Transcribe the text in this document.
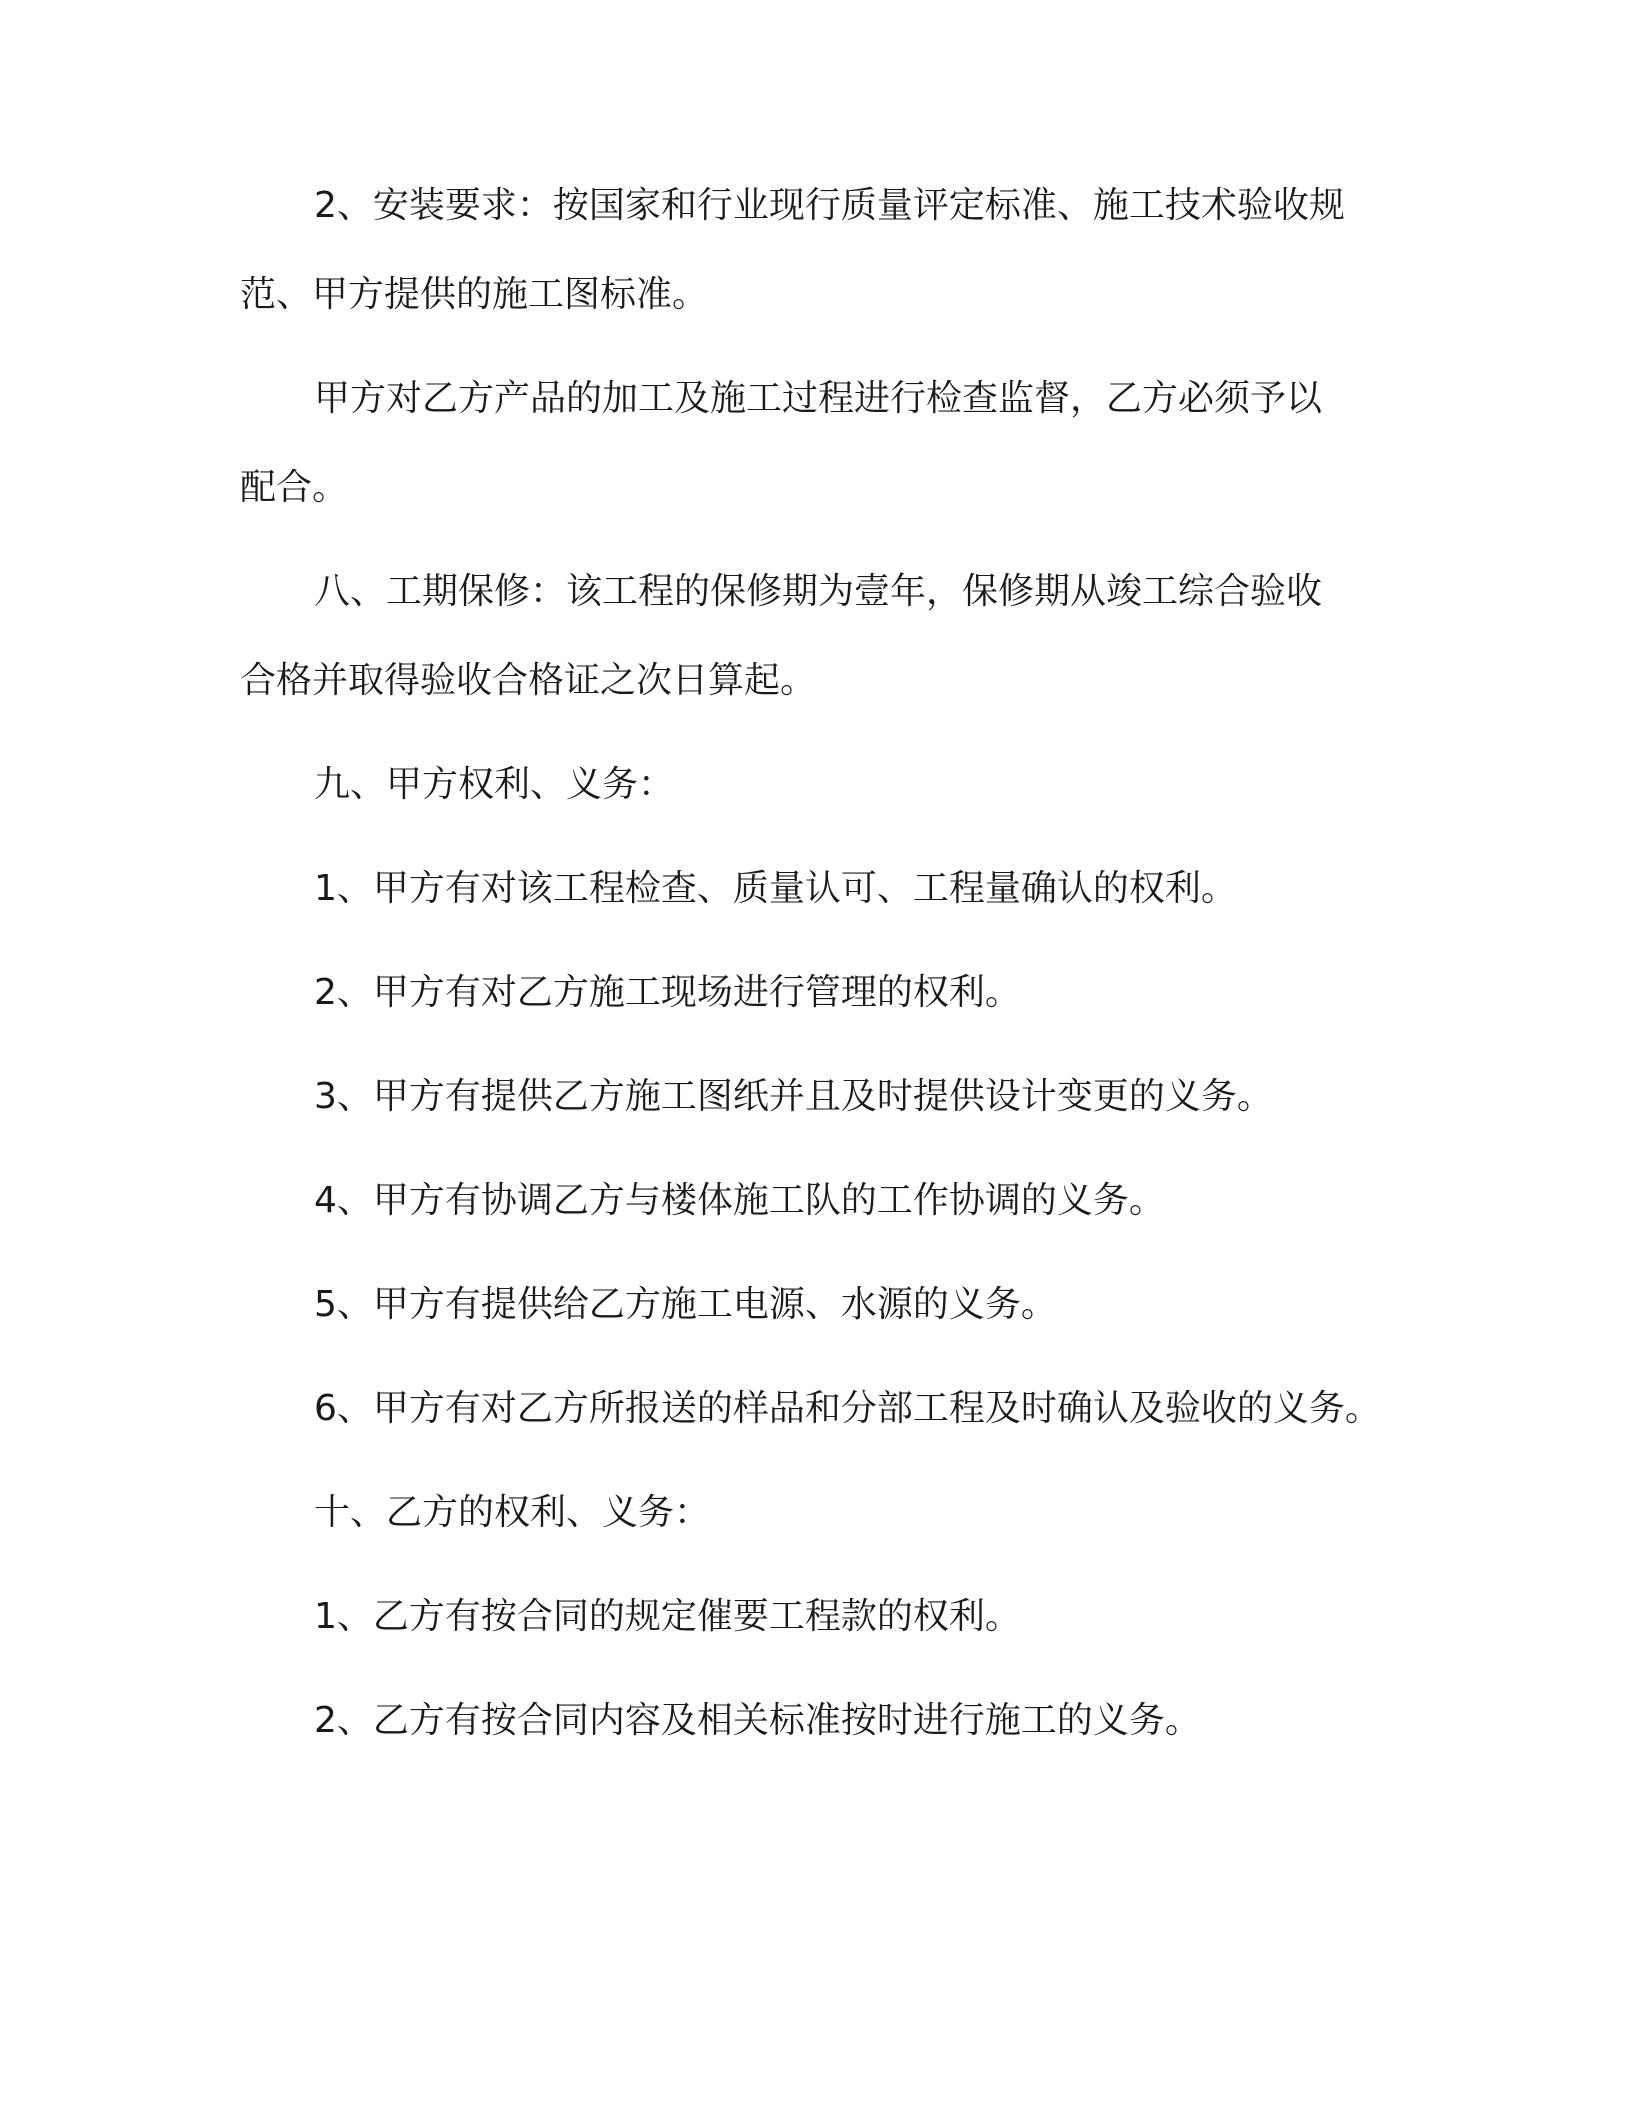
2、安装要求：按国家和行业现行质量评定标准、施工技术验收规
范、甲方提供的施工图标准。
甲方对乙方产品的加工及施工过程进行检查监督，乙方必须予以
配合。
八、工期保修：该工程的保修期为壹年，保修期从竣工综合验收
合格并取得验收合格证之次日算起。
九、甲方权利、义务：
1、甲方有对该工程检查、质量认可、工程量确认的权利。
2、甲方有对乙方施工现场进行管理的权利。
3、甲方有提供乙方施工图纸并且及时提供设计变更的义务。
4、甲方有协调乙方与楼体施工队的工作协调的义务。
5、甲方有提供给乙方施工电源、水源的义务。
6、甲方有对乙方所报送的样品和分部工程及时确认及验收的义务。
十、乙方的权利、义务：
1、乙方有按合同的规定催要工程款的权利。
2、乙方有按合同内容及相关标准按时进行施工的义务。
